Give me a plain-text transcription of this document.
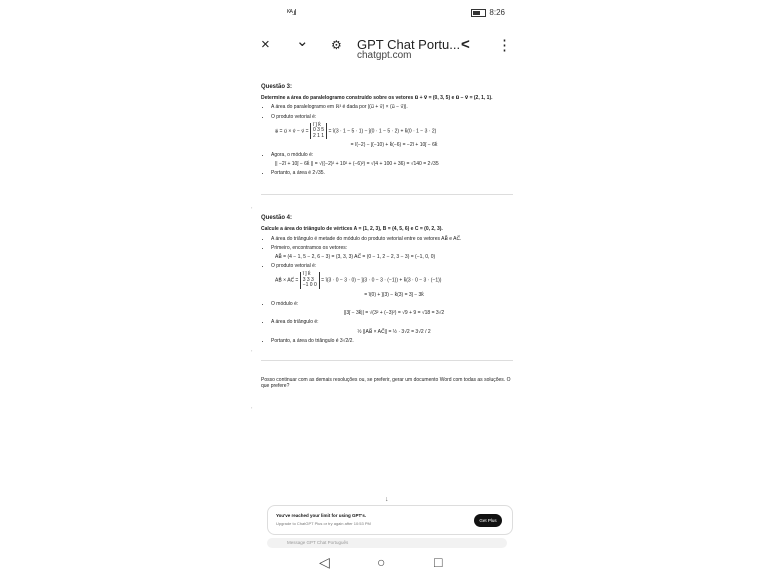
ᴷᴬ.ıl	8:26
× ⌄ ⚙ GPT Chat Portu...
chatgpt.com
< ⋮
‹
‹
‹
Questão 3:
Determine a área do paralelogramo construído sobre os vetores u⃗ + v⃗ = (0, 3, 5) e u⃗ − v⃗ = (2, 1, 1).
• A área do paralelogramo em ℝ³ é dada por |(u⃗ + v⃗) × (u⃗ − v⃗)|.
• O produto vetorial é:
a⃗ = u⃗ × v⃗ − v⃗ =
î ĵ k̂
0 3 5
2 1 1
= î(3 · 1 − 5 · 1) − ĵ(0 · 1 − 5 · 2) + k̂(0 · 1 − 3 · 2)
= î(−2) − ĵ(−10) + k̂(−6) = −2î + 10ĵ − 6k̂
• Agora, o módulo é:
|| −2î + 10ĵ − 6k̂ || = √((−2)² + 10² + (−6)²) = √(4 + 100 + 36) = √140 = 2√35
• Portanto, a área é 2√35.
Questão 4:
Calcule a área do triângulo de vértices A = (1, 2, 3), B = (4, 5, 6) e C = (0, 2, 3).
• A área do triângulo é metade do módulo do produto vetorial entre os vetores AB⃗ e AC⃗.
• Primeiro, encontramos os vetores:
AB⃗ = (4 − 1, 5 − 2, 6 − 3) = (3, 3, 3) AC⃗ = (0 − 1, 2 − 2, 3 − 3) = (−1, 0, 0)
• O produto vetorial é:
AB⃗ × AC⃗ =
î ĵ k̂
3 3 3
−1 0 0
= î(3 · 0 − 3 · 0) − ĵ(3 · 0 − 3 · (−1)) + k̂(3 · 0 − 3 · (−1))
= î(0) + ĵ(3) − k̂(3) = 3ĵ − 3k̂
• O módulo é:
||3ĵ − 3k̂|| = √(3² + (−3)²) = √9 + 9 = √18 = 3√2
• A área do triângulo é:
½ ||AB⃗ × AC⃗|| = ½ · 3√2 = 3√2 / 2
• Portanto, a área do triângulo é 3√2/2.
Posso continuar com as demais resoluções ou, se preferir, gerar um documento Word com todas as soluções. O que prefere?
↓
You've reached your limit for using GPT's.
Upgrade to ChatGPT Plus or try again after 10:53 PM
Get Plus
Message GPT Chat Português
◁	○	□
